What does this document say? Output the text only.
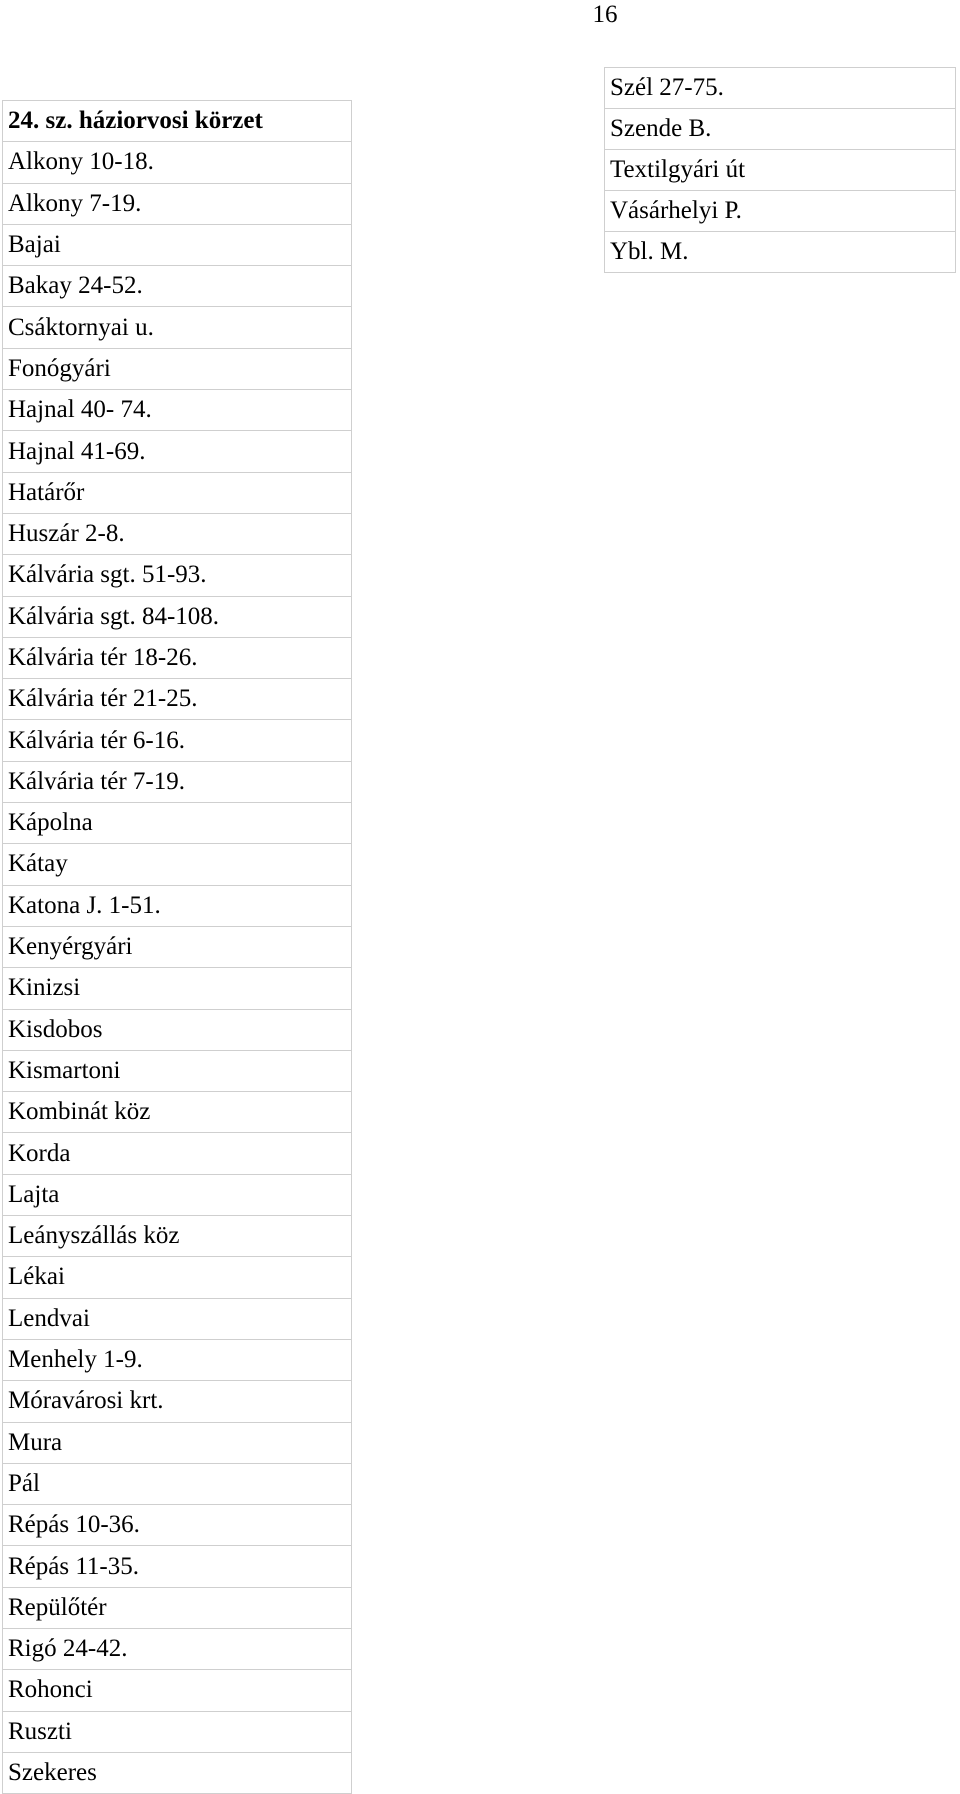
16
24. sz. háziorvosi körzet
Alkony 10-18.
Alkony 7-19.
Bajai
Bakay 24-52.
Csáktornyai u.
Fonógyári
Hajnal 40- 74.
Hajnal 41-69.
Határőr
Huszár 2-8.
Kálvária sgt. 51-93.
Kálvária sgt. 84-108.
Kálvária tér 18-26.
Kálvária tér 21-25.
Kálvária tér 6-16.
Kálvária tér 7-19.
Kápolna
Kátay
Katona J. 1-51.
Kenyérgyári
Kinizsi
Kisdobos
Kismartoni
Kombinát köz
Korda
Lajta
Leányszállás köz
Lékai
Lendvai
Menhely 1-9.
Móravárosi krt.
Mura
Pál
Répás 10-36.
Répás 11-35.
Repülőtér
Rigó 24-42.
Rohonci
Ruszti
Szekeres
Szél 27-75.
Szende B.
Textilgyári út
Vásárhelyi P.
Ybl. M.
